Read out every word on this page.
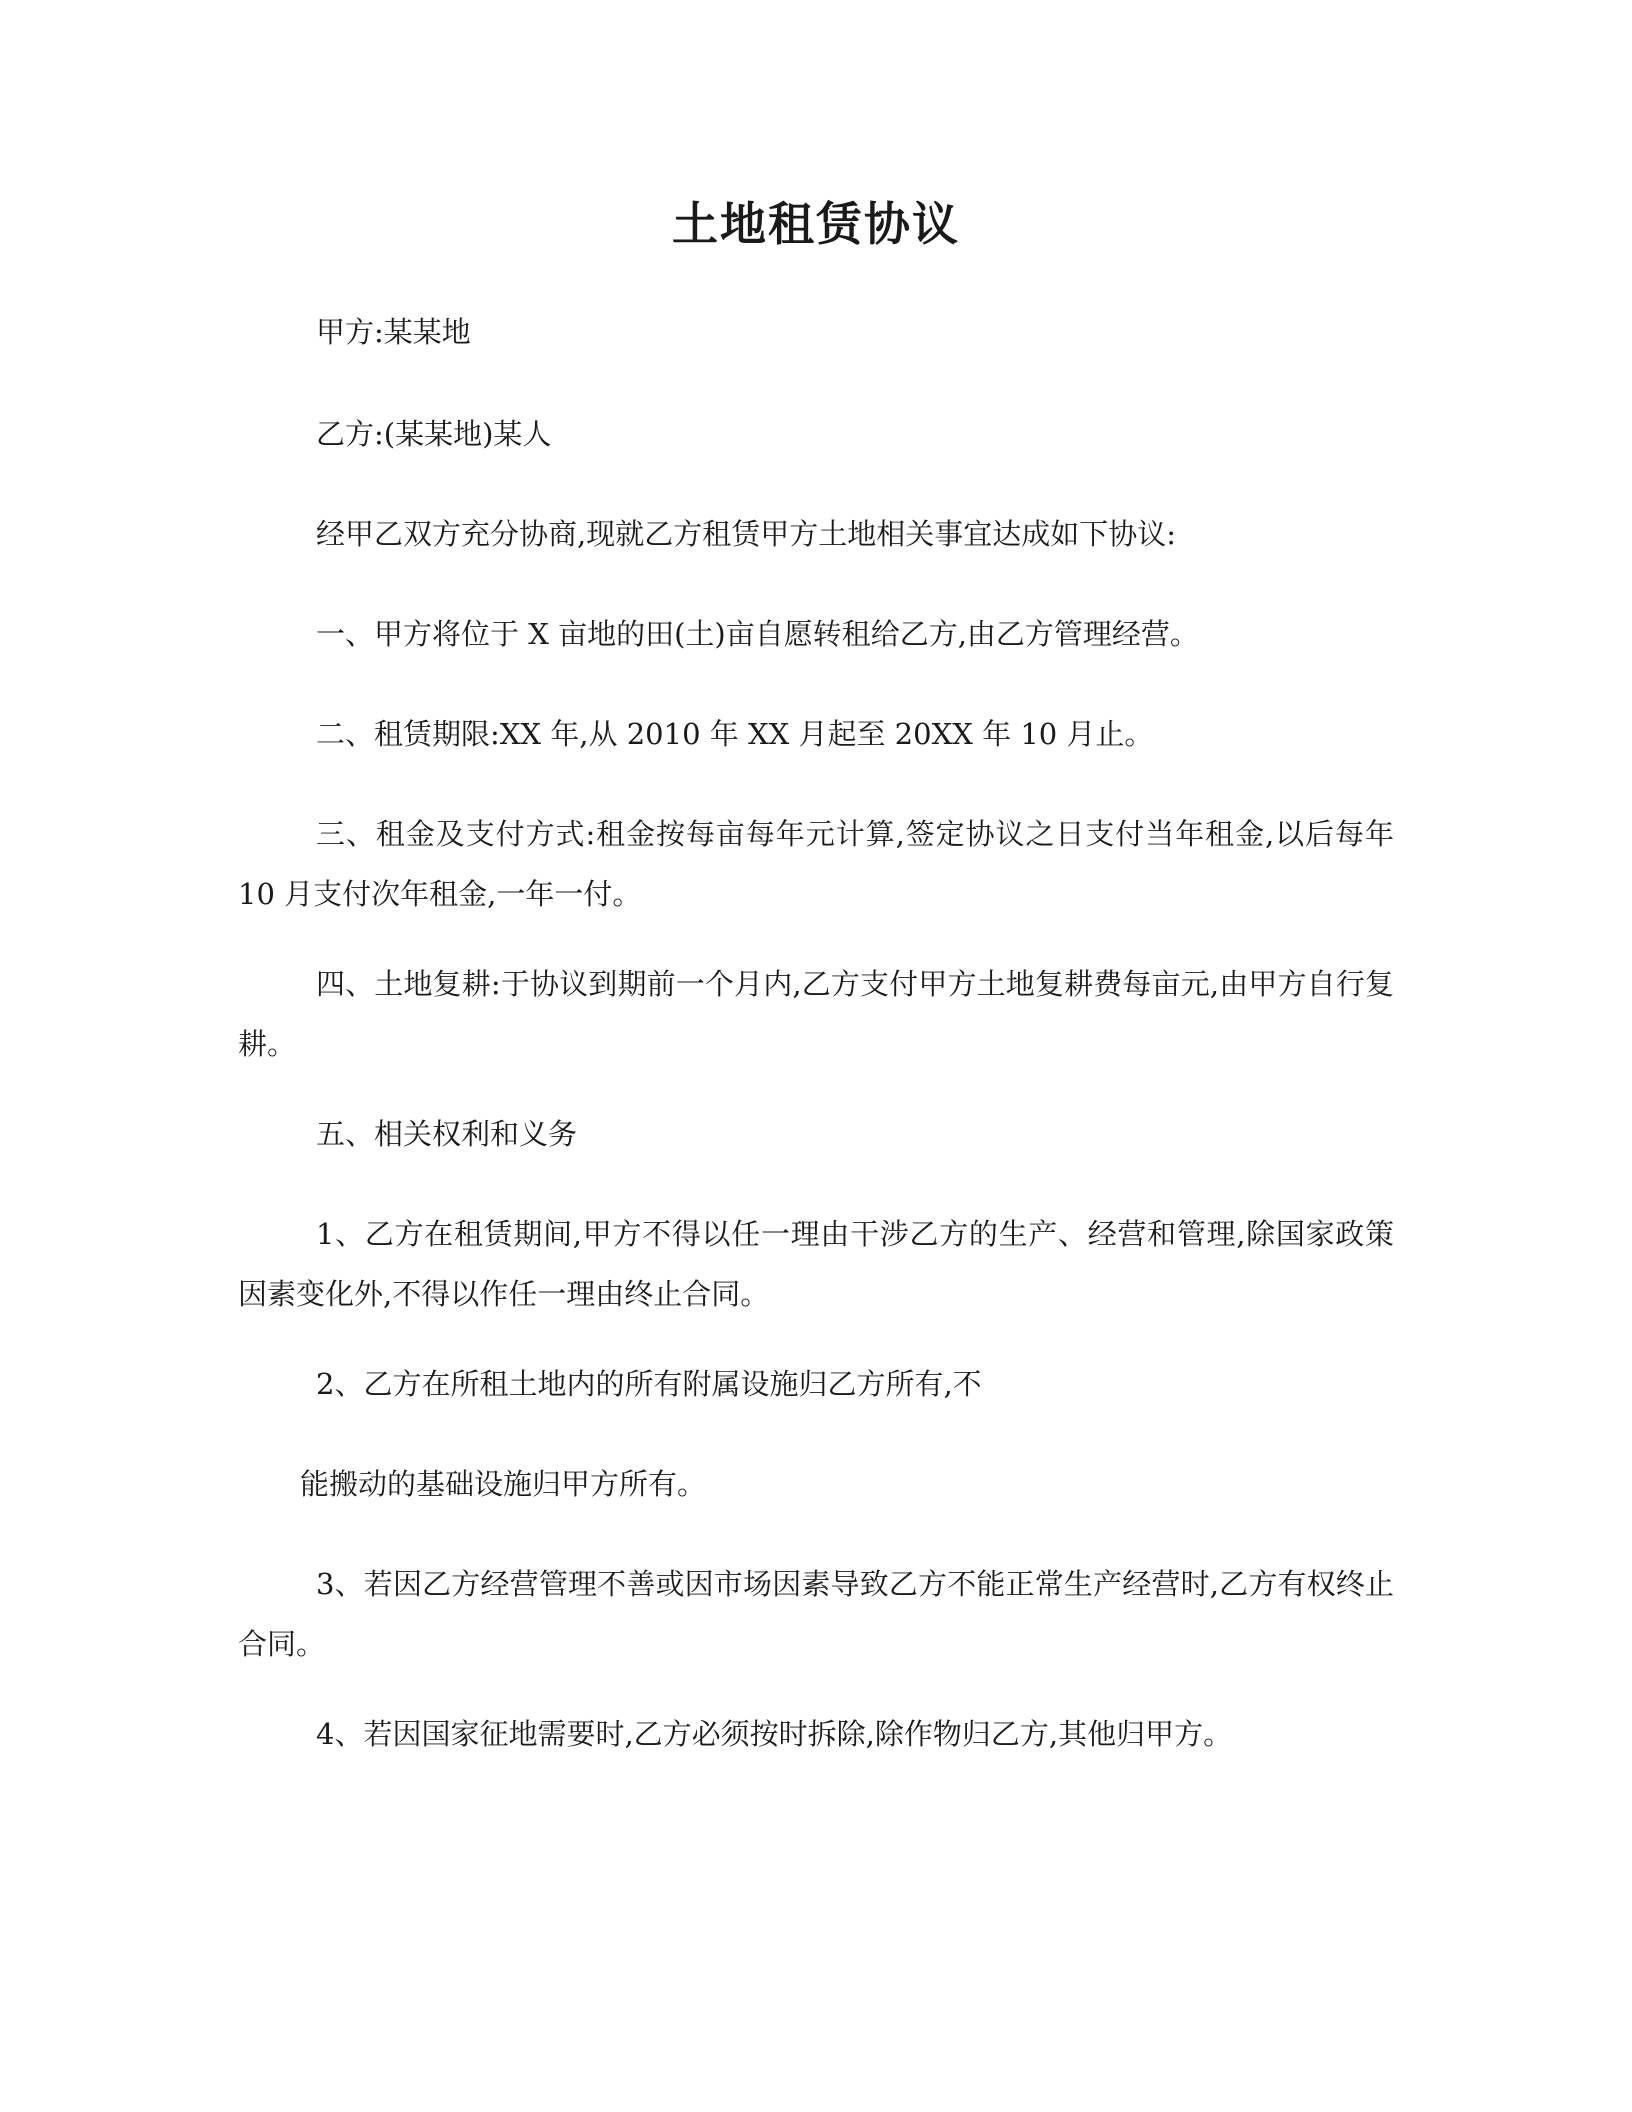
土地租赁协议

甲方:某某地

乙方:(某某地)某人

经甲乙双方充分协商,现就乙方租赁甲方土地相关事宜达成如下协议:

一、甲方将位于 X 亩地的田(土)亩自愿转租给乙方,由乙方管理经营。

二、租赁期限:XX 年,从 2010 年 XX 月起至 20XX 年 10 月止。

三、租金及支付方式:租金按每亩每年元计算,签定协议之日支付当年租金,以后每年 10 月支付次年租金,一年一付。

四、土地复耕:于协议到期前一个月内,乙方支付甲方土地复耕费每亩元,由甲方自行复耕。

五、相关权利和义务

1、乙方在租赁期间,甲方不得以任一理由干涉乙方的生产、经营和管理,除国家政策因素变化外,不得以作任一理由终止合同。

2、乙方在所租土地内的所有附属设施归乙方所有,不

能搬动的基础设施归甲方所有。

3、若因乙方经营管理不善或因市场因素导致乙方不能正常生产经营时,乙方有权终止合同。

4、若因国家征地需要时,乙方必须按时拆除,除作物归乙方,其他归甲方。
